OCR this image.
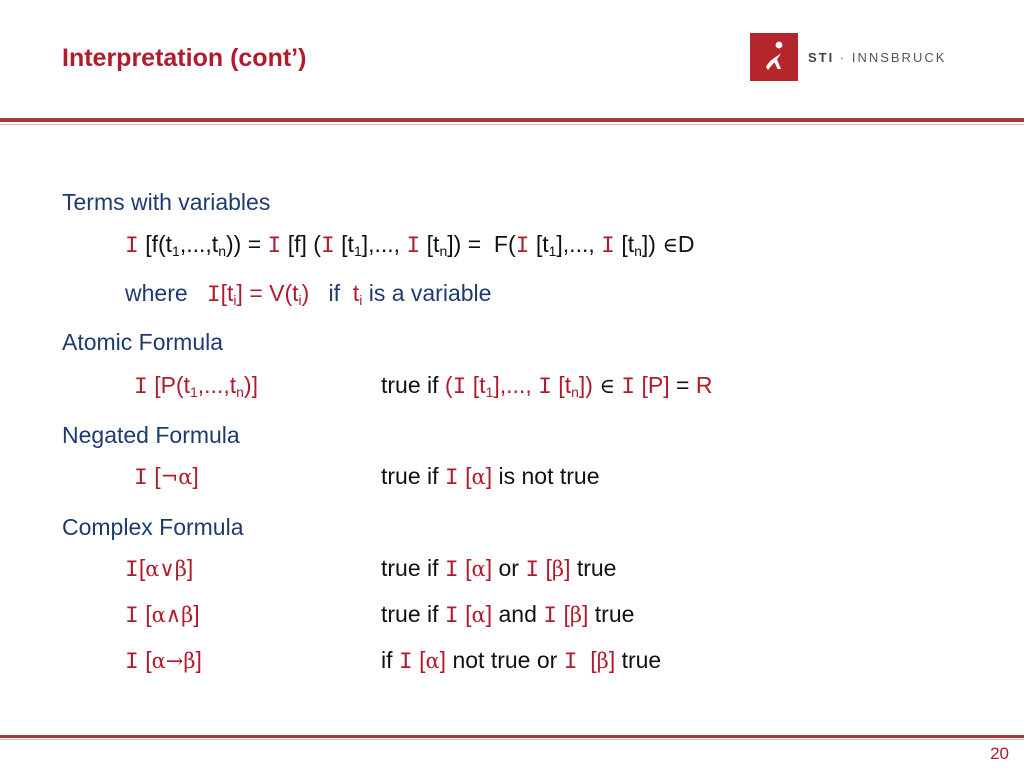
Interpretation (cont’)	STI · INNSBRUCK
Terms with variables
I $[f(t_1,...,t_n)) = I$ [f] (I $[t_1]$,..., I $[t_n]) = F(I$ $[t_1]$,..., I $[t_n]$) ∈D
where $I[t_i] = V(t_i)$ if $t_i$ is a variable
Atomic Formula
I $[P(t_1,...,t_n)]$	true if (I $[t_1]$,..., I $[t_n]$) ∈ I [P] = R
Negated Formula
I [¬α]	true if I [α] is not true
Complex Formula
I[α∨β]	true if I [α] or I [β] true
I [α∧β]	true if I [α] and I [β] true
I [α→β]	if I [α] not true or I  [β] true
20
